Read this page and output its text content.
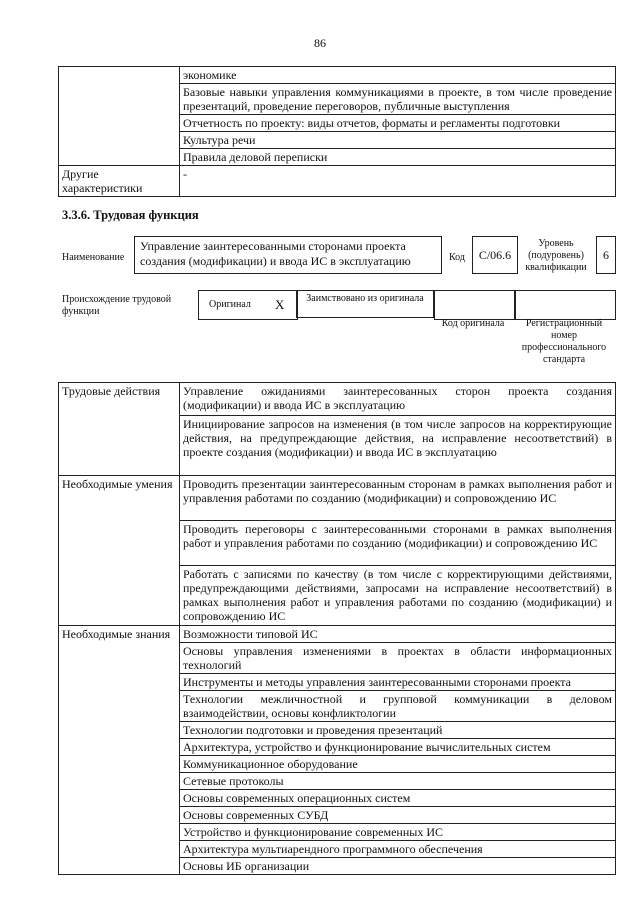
86
	экономике
	Базовые навыки управления коммуникациями в проекте, в том числе проведение презентаций, проведение переговоров, публичные выступления
	Отчетность по проекту: виды отчетов, форматы и регламенты подготовки
	Культура речи
	Правила деловой переписки
Другие характеристики	-
3.3.6. Трудовая функция
Наименование
Управление заинтересованными сторонами проекта создания (модификации) и ввода ИС в эксплуатацию	Код	С/06.6
Уровень (подуровень) квалификации
6
Происхождение трудовой функции
Оригинал X	Заимствовано из оригинала
Код оригинала	Регистрационный номер профессионального стандарта
Трудовые действия	Управление ожиданиями заинтересованных сторон проекта создания (модификации) и ввода ИС в эксплуатацию
	Инициирование запросов на изменения (в том числе запросов на корректирующие действия, на предупреждающие действия, на исправление несоответствий) в проекте создания (модификации) и ввода ИС в эксплуатацию
Необходимые умения	Проводить презентации заинтересованным сторонам в рамках выполнения работ и управления работами по созданию (модификации) и сопровождению ИС
	Проводить переговоры с заинтересованными сторонами в рамках выполнения работ и управления работами по созданию (модификации) и сопровождению ИС
	Работать с записями по качеству (в том числе с корректирующими действиями, предупреждающими действиями, запросами на исправление несоответствий) в рамках выполнения работ и управления работами по созданию (модификации) и сопровождению ИС
Необходимые знания	Возможности типовой ИС
	Основы управления изменениями в проектах в области информационных технологий
	Инструменты и методы управления заинтересованными сторонами проекта
	Технологии межличностной и групповой коммуникации в деловом взаимодействии, основы конфликтологии
	Технологии подготовки и проведения презентаций
	Архитектура, устройство и функционирование вычислительных систем
	Коммуникационное оборудование
	Сетевые протоколы
	Основы современных операционных систем
	Основы современных СУБД
	Устройство и функционирование современных ИС
	Архитектура мультиарендного программного обеспечения
	Основы ИБ организации
